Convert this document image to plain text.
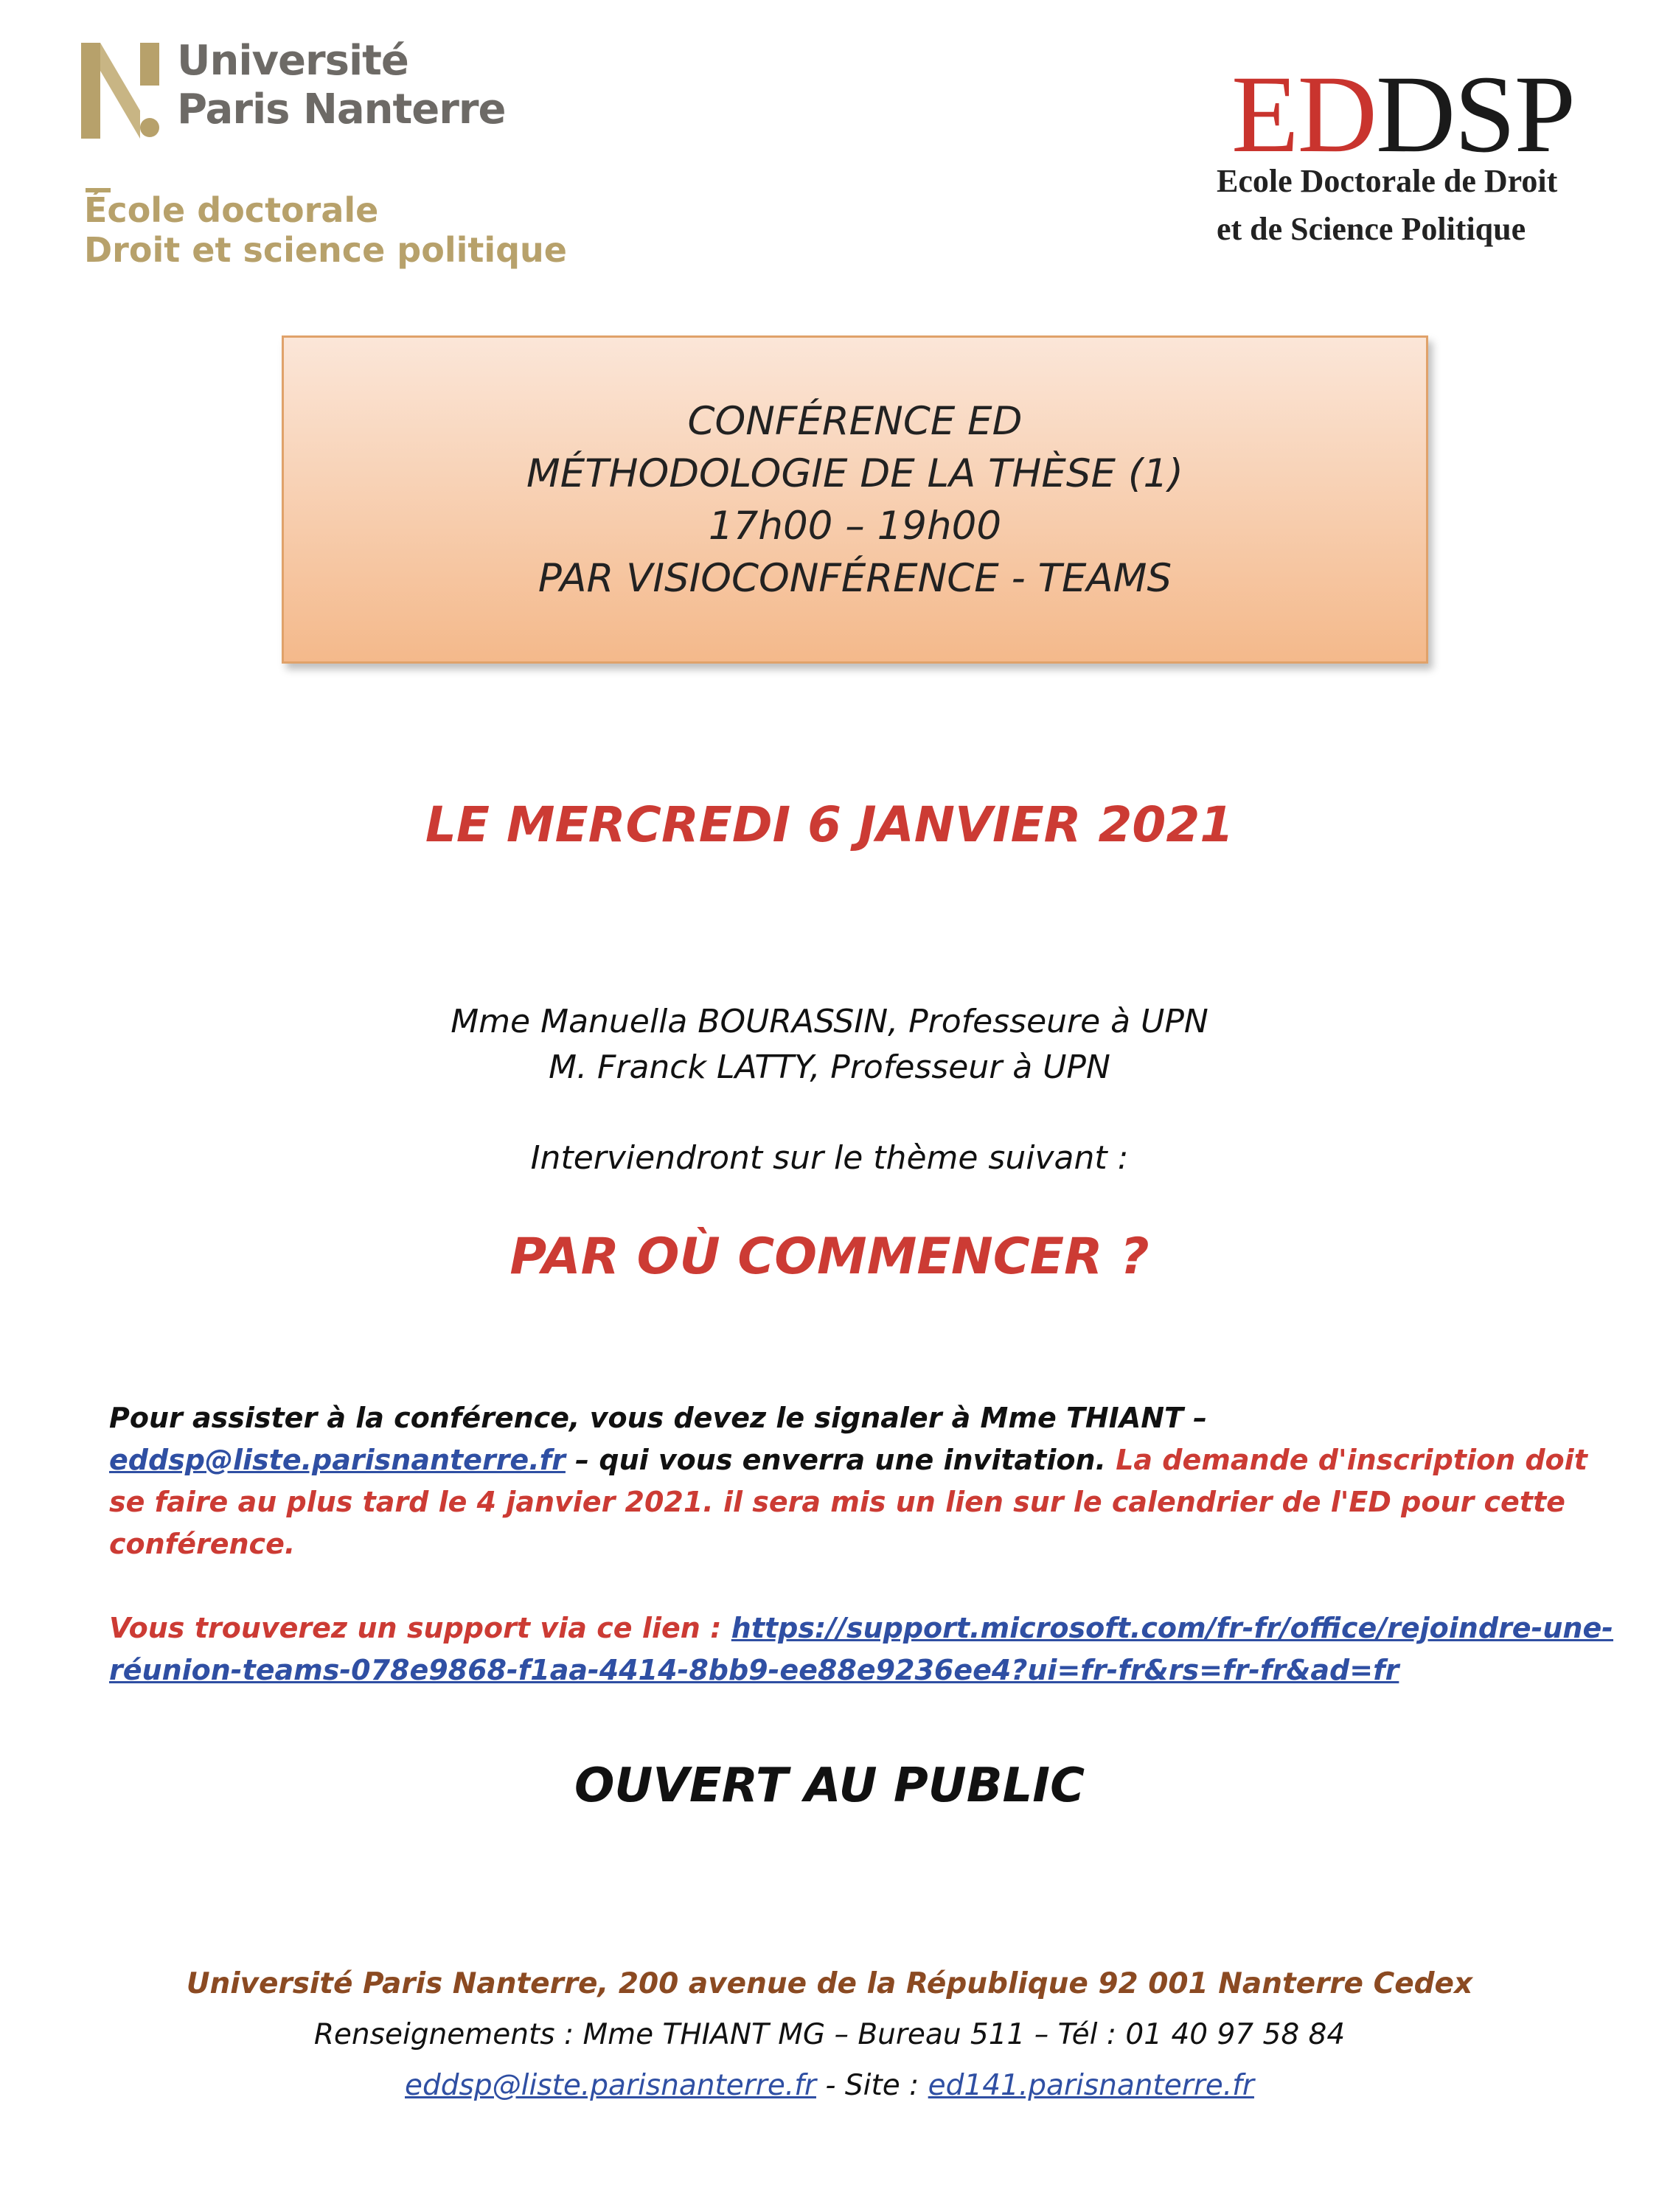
Université
Paris Nanterre
École doctorale
Droit et science politique
EDDSP
Ecole Doctorale de Droit
et de Science Politique
CONFÉRENCE ED
MÉTHODOLOGIE DE LA THÈSE (1)
17h00 – 19h00
PAR VISIOCONFÉRENCE - TEAMS
LE MERCREDI 6 JANVIER 2021
Mme Manuella BOURASSIN, Professeure à UPN
M. Franck LATTY, Professeur à UPN
Interviendront sur le thème suivant :
PAR OÙ COMMENCER ?

Pour assister à la conférence, vous devez le signaler à Mme THIANT – eddsp@liste.parisnanterre.fr – qui vous enverra une invitation. La demande d'inscription doit se faire au plus tard le 4 janvier 2021. il sera mis un lien sur le calendrier de l'ED pour cette conférence.

Vous trouverez un support via ce lien : https://support.microsoft.com/fr-fr/office/rejoindre-une-réunion-teams-078e9868-f1aa-4414-8bb9-ee88e9236ee4?ui=fr-fr&rs=fr-fr&ad=fr

OUVERT AU PUBLIC
Université Paris Nanterre, 200 avenue de la République 92 001 Nanterre Cedex
Renseignements : Mme THIANT MG – Bureau 511 – Tél : 01 40 97 58 84
eddsp@liste.parisnanterre.fr - Site : ed141.parisnanterre.fr
